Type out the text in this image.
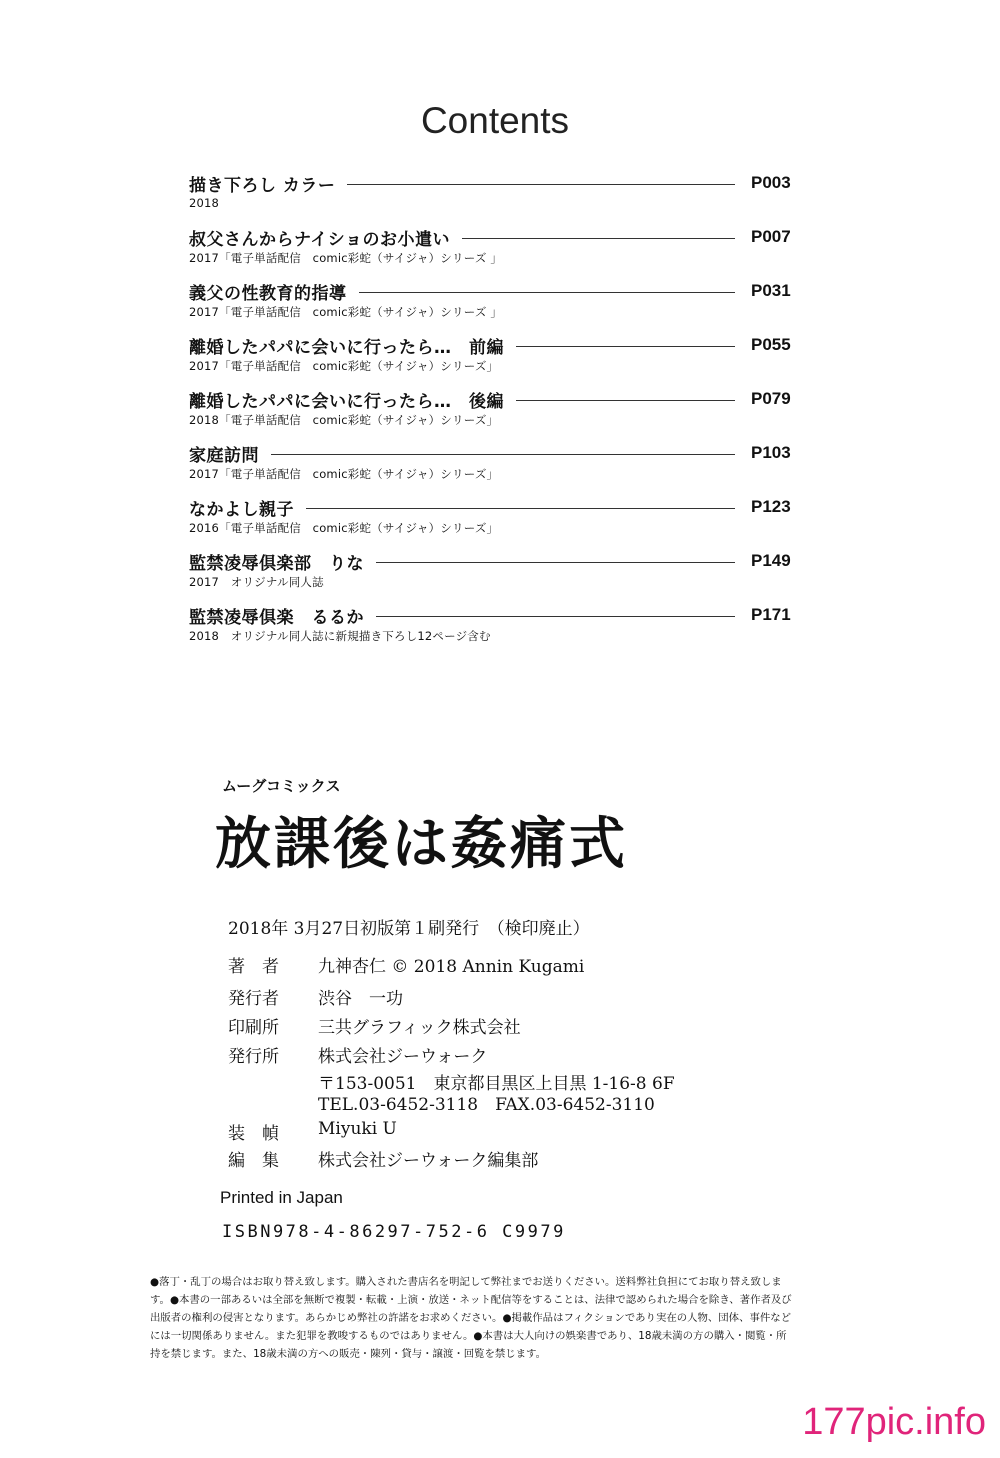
Contents
描き下ろし カラー	P003
2018
叔父さんからナイショのお小遣い	P007
2017「電子単話配信　comic彩蛇（サイジャ）シリーズ 」
義父の性教育的指導	P031
2017「電子単話配信　comic彩蛇（サイジャ）シリーズ 」
離婚したパパに会いに行ったら…　前編	P055
2017「電子単話配信　comic彩蛇（サイジャ）シリーズ」
離婚したパパに会いに行ったら…　後編	P079
2018「電子単話配信　comic彩蛇（サイジャ）シリーズ」
家庭訪問	P103
2017「電子単話配信　comic彩蛇（サイジャ）シリーズ」
なかよし親子	P123
2016「電子単話配信　comic彩蛇（サイジャ）シリーズ」
監禁凌辱倶楽部　りな	P149
2017　オリジナル同人誌
監禁凌辱倶楽　るるか	P171
2018　オリジナル同人誌に新規描き下ろし12ページ含む
ムーグコミックス
放課後は姦痛式
2018年 3月27日初版第１刷発行　（検印廃止）
著　者 九神杏仁 © 2018 Annin Kugami
発行者 渋谷　一功
印刷所 三共グラフィック株式会社
発行所 株式会社ジーウォーク
〒153-0051　東京都目黒区上目黒 1-16-8 6F
TEL.03-6452-3118　FAX.03-6452-3110
装　幀 Miyuki U
編　集 株式会社ジーウォーク編集部
Printed in Japan
ISBN978-4-86297-752-6 C9979
●落丁・乱丁の場合はお取り替え致します。購入された書店名を明記して弊社までお送りください。送料弊社負担にてお取り替え致しま
す。●本書の一部あるいは全部を無断で複製・転載・上演・放送・ネット配信等をすることは、法律で認められた場合を除き、著作者及び
出版者の権利の侵害となります。あらかじめ弊社の許諾をお求めください。●掲載作品はフィクションであり実在の人物、団体、事件など
には一切関係ありません。また犯罪を教唆するものではありません。●本書は大人向けの娯楽書であり、18歳未満の方の購入・閲覧・所
持を禁じます。また、18歳未満の方への販売・陳列・貸与・譲渡・回覧を禁じます。
177pic.info
